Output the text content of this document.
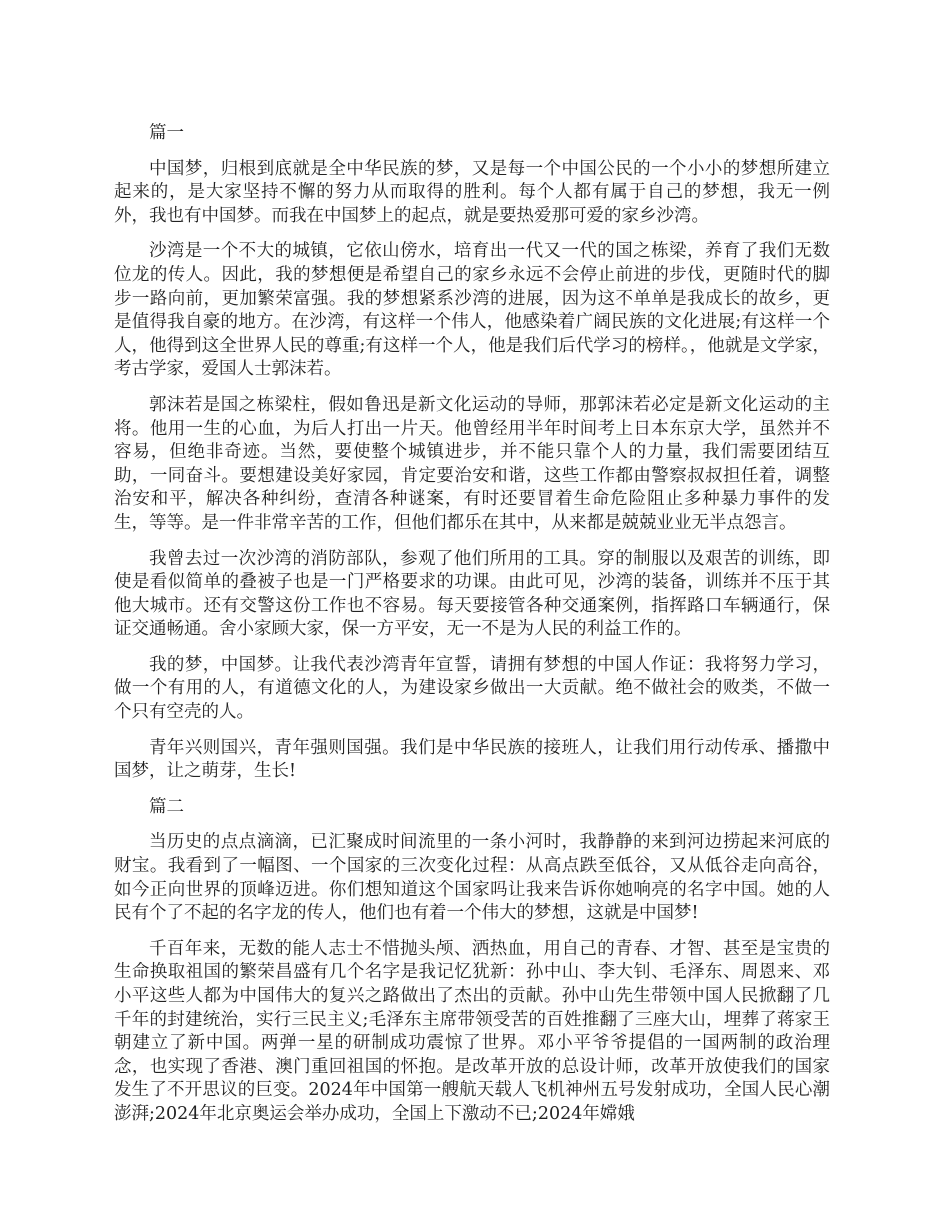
篇一

中国梦，归根到底就是全中华民族的梦，又是每一个中国公民的一个小小的梦想所建立起来的，是大家坚持不懈的努力从而取得的胜利。每个人都有属于自己的梦想，我无一例外，我也有中国梦。而我在中国梦上的起点，就是要热爱那可爱的家乡沙湾。

沙湾是一个不大的城镇，它依山傍水，培育出一代又一代的国之栋梁，养育了我们无数位龙的传人。因此，我的梦想便是希望自己的家乡永远不会停止前进的步伐，更随时代的脚步一路向前，更加繁荣富强。我的梦想紧系沙湾的进展，因为这不单单是我成长的故乡，更是值得我自豪的地方。在沙湾，有这样一个伟人，他感染着广阔民族的文化进展;有这样一个人，他得到这全世界人民的尊重;有这样一个人，他是我们后代学习的榜样。，他就是文学家，考古学家，爱国人士郭沫若。

郭沫若是国之栋梁柱，假如鲁迅是新文化运动的导师，那郭沫若必定是新文化运动的主将。他用一生的心血，为后人打出一片天。他曾经用半年时间考上日本东京大学，虽然并不容易，但绝非奇迹。当然，要使整个城镇进步，并不能只靠个人的力量，我们需要团结互助，一同奋斗。要想建设美好家园，肯定要治安和谐，这些工作都由警察叔叔担任着，调整治安和平，解决各种纠纷，查清各种谜案，有时还要冒着生命危险阻止多种暴力事件的发生，等等。是一件非常辛苦的工作，但他们都乐在其中，从来都是兢兢业业无半点怨言。

我曾去过一次沙湾的消防部队，参观了他们所用的工具。穿的制服以及艰苦的训练，即使是看似简单的叠被子也是一门严格要求的功课。由此可见，沙湾的装备，训练并不压于其他大城市。还有交警这份工作也不容易。每天要接管各种交通案例，指挥路口车辆通行，保证交通畅通。舍小家顾大家，保一方平安，无一不是为人民的利益工作的。

我的梦，中国梦。让我代表沙湾青年宣誓，请拥有梦想的中国人作证：我将努力学习，做一个有用的人，有道德文化的人，为建设家乡做出一大贡献。绝不做社会的败类，不做一个只有空壳的人。

青年兴则国兴，青年强则国强。我们是中华民族的接班人，让我们用行动传承、播撒中国梦，让之萌芽，生长!

篇二

当历史的点点滴滴，已汇聚成时间流里的一条小河时，我静静的来到河边捞起来河底的财宝。我看到了一幅图、一个国家的三次变化过程：从高点跌至低谷，又从低谷走向高谷，如今正向世界的顶峰迈进。你们想知道这个国家吗让我来告诉你她响亮的名字中国。她的人民有个了不起的名字龙的传人，他们也有着一个伟大的梦想，这就是中国梦!

千百年来，无数的能人志士不惜抛头颅、洒热血，用自己的青春、才智、甚至是宝贵的生命换取祖国的繁荣昌盛有几个名字是我记忆犹新：孙中山、李大钊、毛泽东、周恩来、邓小平这些人都为中国伟大的复兴之路做出了杰出的贡献。孙中山先生带领中国人民掀翻了几千年的封建统治，实行三民主义;毛泽东主席带领受苦的百姓推翻了三座大山，埋葬了蒋家王朝建立了新中国。两弹一星的研制成功震惊了世界。邓小平爷爷提倡的一国两制的政治理念，也实现了香港、澳门重回祖国的怀抱。是改革开放的总设计师，改革开放使我们的国家发生了不开思议的巨变。2024年中国第一艘航天载人飞机神州五号发射成功，全国人民心潮澎湃;2024年北京奥运会举办成功，全国上下激动不已;2024年嫦娥
